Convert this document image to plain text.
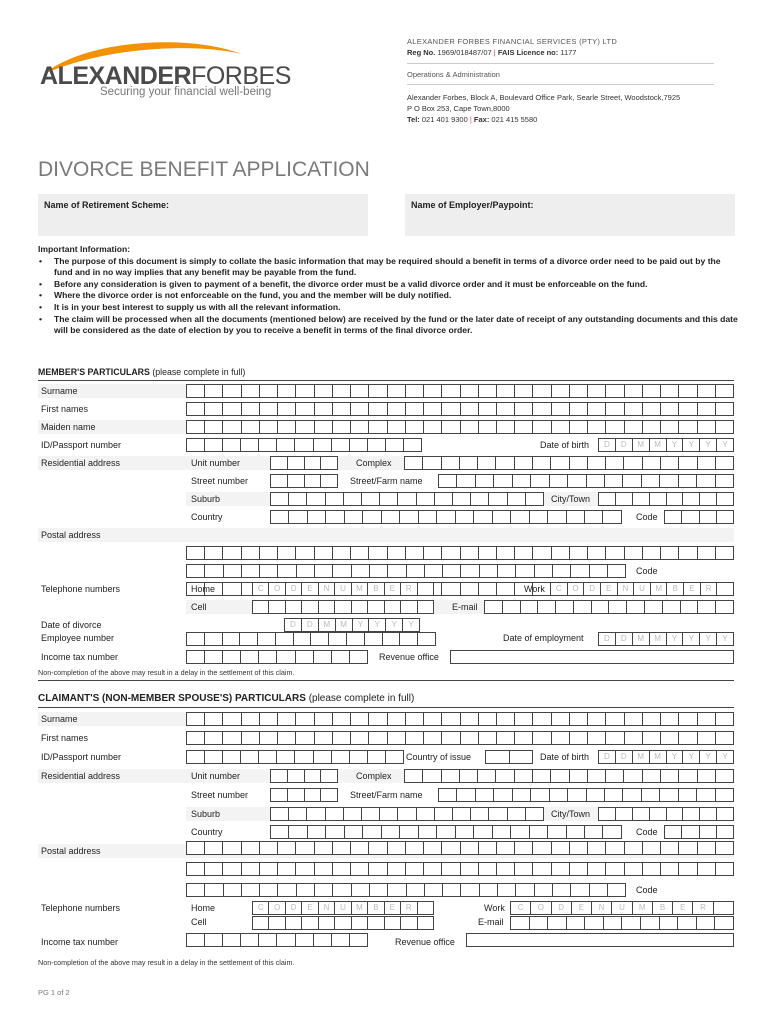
ALEXANDERFORBES
Securing your financial well-being
ALEXANDER FORBES FINANCIAL SERVICES (PTY) LTD
Reg No. 1969/018487/07 | FAIS Licence no: 1177
Operations & Administration
Alexander Forbes, Block A, Boulevard Office Park, Searle Street, Woodstock,7925
P O Box 253, Cape Town,8000
Tel: 021 401 9300 | Fax: 021 415 5580
DIVORCE BENEFIT APPLICATION
Name of Retirement Scheme:	Name of Employer/Paypoint:
Important Information:
• The purpose of this document is simply to collate the basic information that may be required should a benefit in terms of a divorce order need to be paid out by the fund and in no way implies that any benefit may be payable from the fund.
• Before any consideration is given to payment of a benefit, the divorce order must be a valid divorce order and it must be enforceable on the fund.
• Where the divorce order is not enforceable on the fund, you and the member will be duly notified.
• It is in your best interest to supply us with all the relevant information.
• The claim will be processed when all the documents (mentioned below) are received by the fund or the later date of receipt of any outstanding documents and this date will be considered as the date of election by you to receive a benefit in terms of the final divorce order.
MEMBER'S PARTICULARS (please complete in full)
Surname
First names
Maiden name
ID/Passport number	Date of birth	D	D	M	M	Y	Y	Y	Y
Residential address	Unit number	Complex
Street number	Street/Farm name
Suburb	City/Town
Country	Code
Postal address
Code
Telephone numbers	Home	C	O	D	E	N	U	M	B	E	R	Work	C	O	D	E	N	U	M	B	E	R
Cell	E-mail
Date of divorce	D	D	M	M	Y	Y	Y	Y
Employee number	Date of employment	D	D	M	M	Y	Y	Y	Y
Income tax number	Revenue office
Non-completion of the above may result in a delay in the settlement of this claim.
CLAIMANT'S (NON-MEMBER SPOUSE'S) PARTICULARS (please complete in full)
Surname
First names
ID/Passport number	Country of issue	Date of birth	D	D	M	M	Y	Y	Y	Y
Residential address	Unit number	Complex
Street number	Street/Farm name
Suburb	City/Town
Country	Code
Postal address
Code
Telephone numbers	Home	C	O	D	E	N	U	M	B	E	R	Work	C	O	D	E	N	U	M	B	E	R
Cell	E-mail
Income tax number	Revenue office
Non-completion of the above may result in a delay in the settlement of this claim.
PG 1 of 2
